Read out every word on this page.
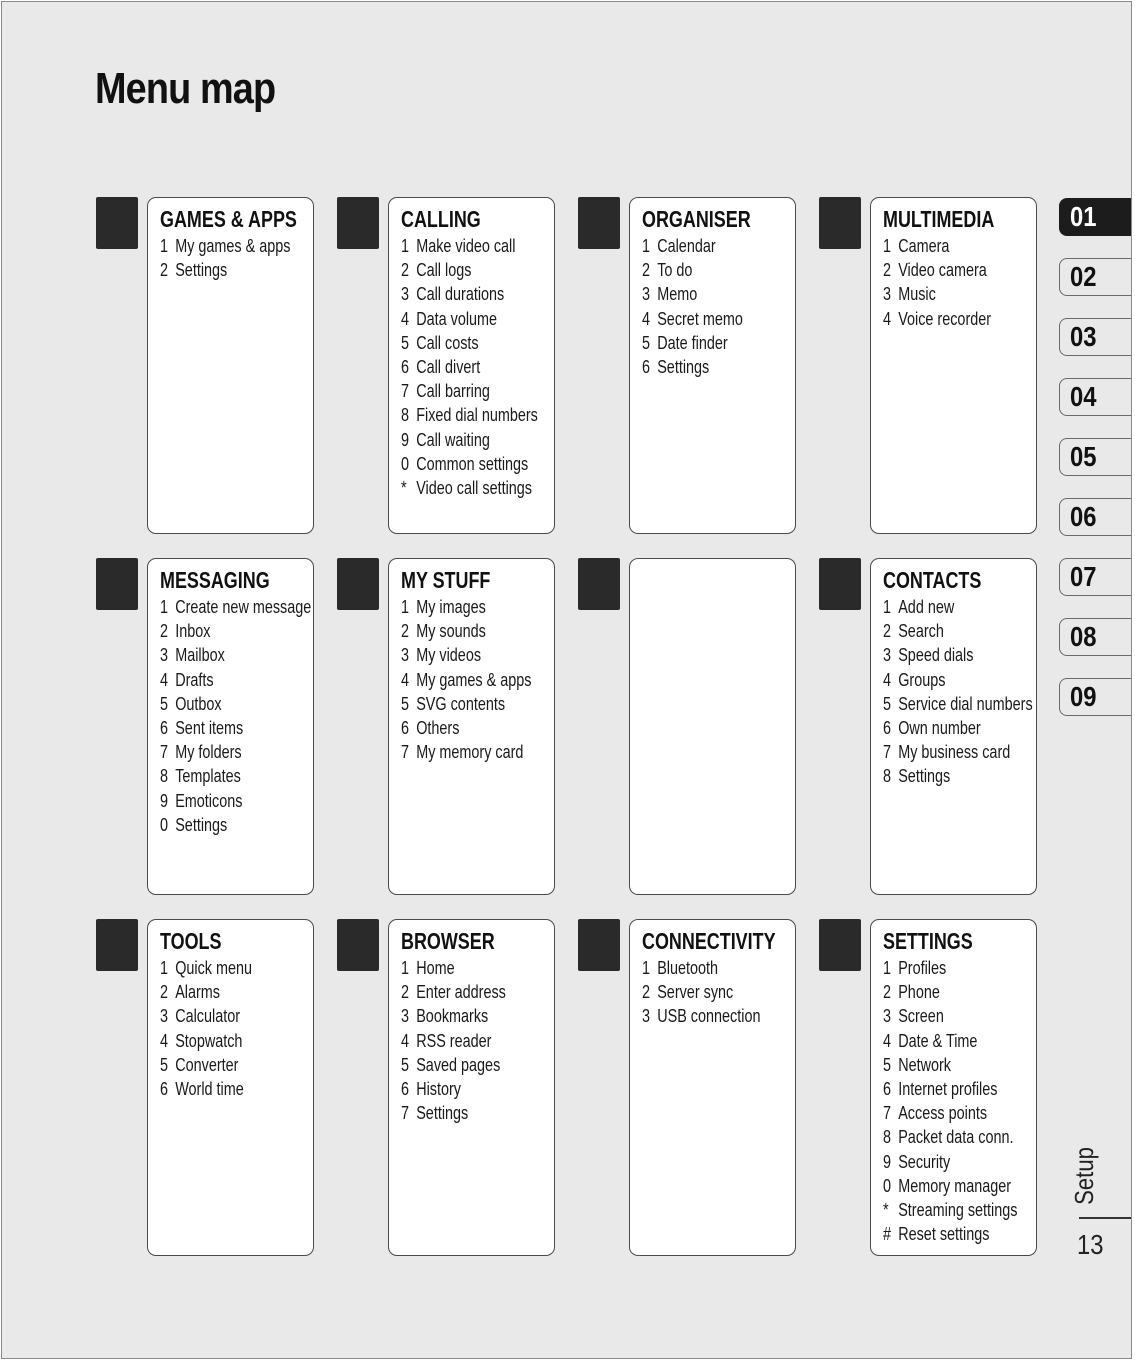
Menu map
GAMES & APPS
1 My games & apps
2 Settings
CALLING
1 Make video call
2 Call logs
3 Call durations
4 Data volume
5 Call costs
6 Call divert
7 Call barring
8 Fixed dial numbers
9 Call waiting
0 Common settings
* Video call settings
ORGANISER
1 Calendar
2 To do
3 Memo
4 Secret memo
5 Date finder
6 Settings
MULTIMEDIA
1 Camera
2 Video camera
3 Music
4 Voice recorder
MESSAGING
1 Create new message
2 Inbox
3 Mailbox
4 Drafts
5 Outbox
6 Sent items
7 My folders
8 Templates
9 Emoticons
0 Settings
MY STUFF
1 My images
2 My sounds
3 My videos
4 My games & apps
5 SVG contents
6 Others
7 My memory card
CONTACTS
1 Add new
2 Search
3 Speed dials
4 Groups
5 Service dial numbers
6 Own number
7 My business card
8 Settings
TOOLS
1 Quick menu
2 Alarms
3 Calculator
4 Stopwatch
5 Converter
6 World time
BROWSER
1 Home
2 Enter address
3 Bookmarks
4 RSS reader
5 Saved pages
6 History
7 Settings
CONNECTIVITY
1 Bluetooth
2 Server sync
3 USB connection
SETTINGS
1 Profiles
2 Phone
3 Screen
4 Date & Time
5 Network
6 Internet profiles
7 Access points
8 Packet data conn.
9 Security
0 Memory manager
* Streaming settings
# Reset settings
01
02
03
04
05
06
07
08
09
Setup
13
